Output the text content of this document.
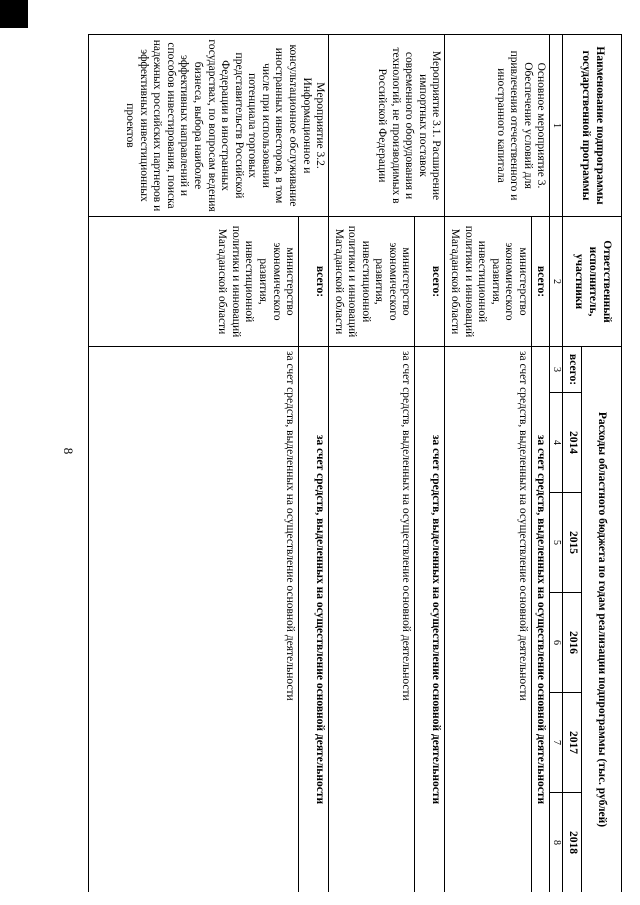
8
Наименование подпрограммы государственной программы	Ответственный исполнитель, участники	Расходы областного бюджета по годам реализации подпрограммы (тыс. рублей)					
		всего:	2014	2015	2016	2017	2018
1	2	3	4	5	6	7	8
Основное мероприятие 3. Обеспечение условий для привлечения отечественного и иностранного капитала	всего:	за счет средств, выделенных на осуществление основной деятельности					
	министерство экономического развития, инвестиционной политики и инноваций Магаданской области	за счет средств, выделенных на осуществление основной деятельности					
Мероприятие 3.1. Расширение импортных поставок современного оборудования и технологий, не производимых в Российской Федерации	всего:	за счет средств, выделенных на осуществление основной деятельности					
	министерство экономического развития, инвестиционной политики и инноваций Магаданской области	за счет средств, выделенных на осуществление основной деятельности					
Мероприятие 3.2. Информационное и консультационное обслуживание иностранных инвесторов, в том числе при использовании потенциала торговых представительств Российской Федерации в иностранных государствах, по вопросам ведения бизнеса, выбора наиболее эффективных направлений и способов инвестирования, поиска надежных российских партнеров и эффективных инвестиционных проектов	всего:	за счет средств, выделенных на осуществление основной деятельности					
	министерство экономического развития, инвестиционной политики и инноваций Магаданской области	за счет средств, выделенных на осуществление основной деятельности					
